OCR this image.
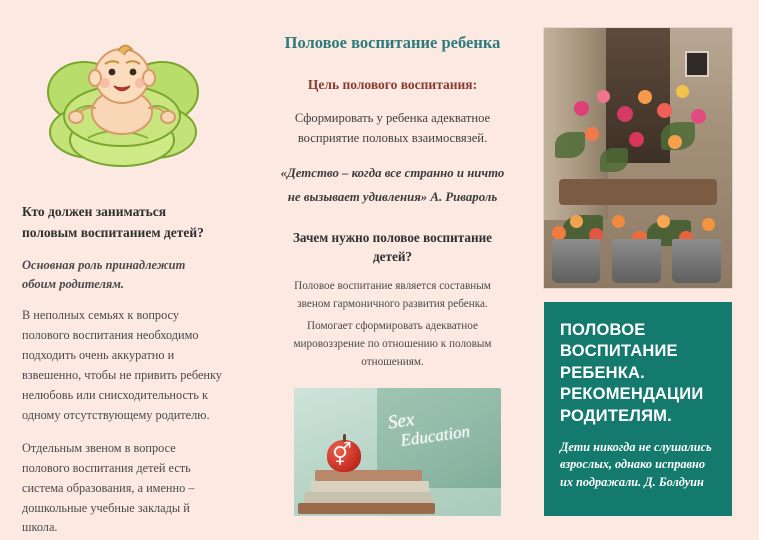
Кто должен заниматься половым воспитанием детей?

Основная роль принадлежит обоим родителям.

В неполных семьях к вопросу полового воспитания необходимо подходить очень аккуратно и взвешенно, чтобы не привить ребенку нелюбовь или снисходительность к одному отсутствующему родителю.

Отдельным звеном в вопросе полового воспитания детей есть система образования, а именно – дошкольные учебные заклады й школа.

Половое воспитание ребенка

Цель полового воспитания:

Сформировать у ребенка адекватное восприятие половых взаимосвязей.

«Детство – когда все странно и ничто не вызывает удивления» А. Ривароль

Зачем нужно половое воспитание детей?

Половое воспитание является составным звеном гармоничного развития ребенка.

Помогает сформировать адекватное мировоззрение по отношению к половым отношениям.

Sex
Education
⚥
ПОЛОВОЕ ВОСПИТАНИЕ РЕБЕНКА. РЕКОМЕНДАЦИИ РОДИТЕЛЯМ.

Дети никогда не слушались взрослых, однако исправно их подражали. Д. Болдуин
